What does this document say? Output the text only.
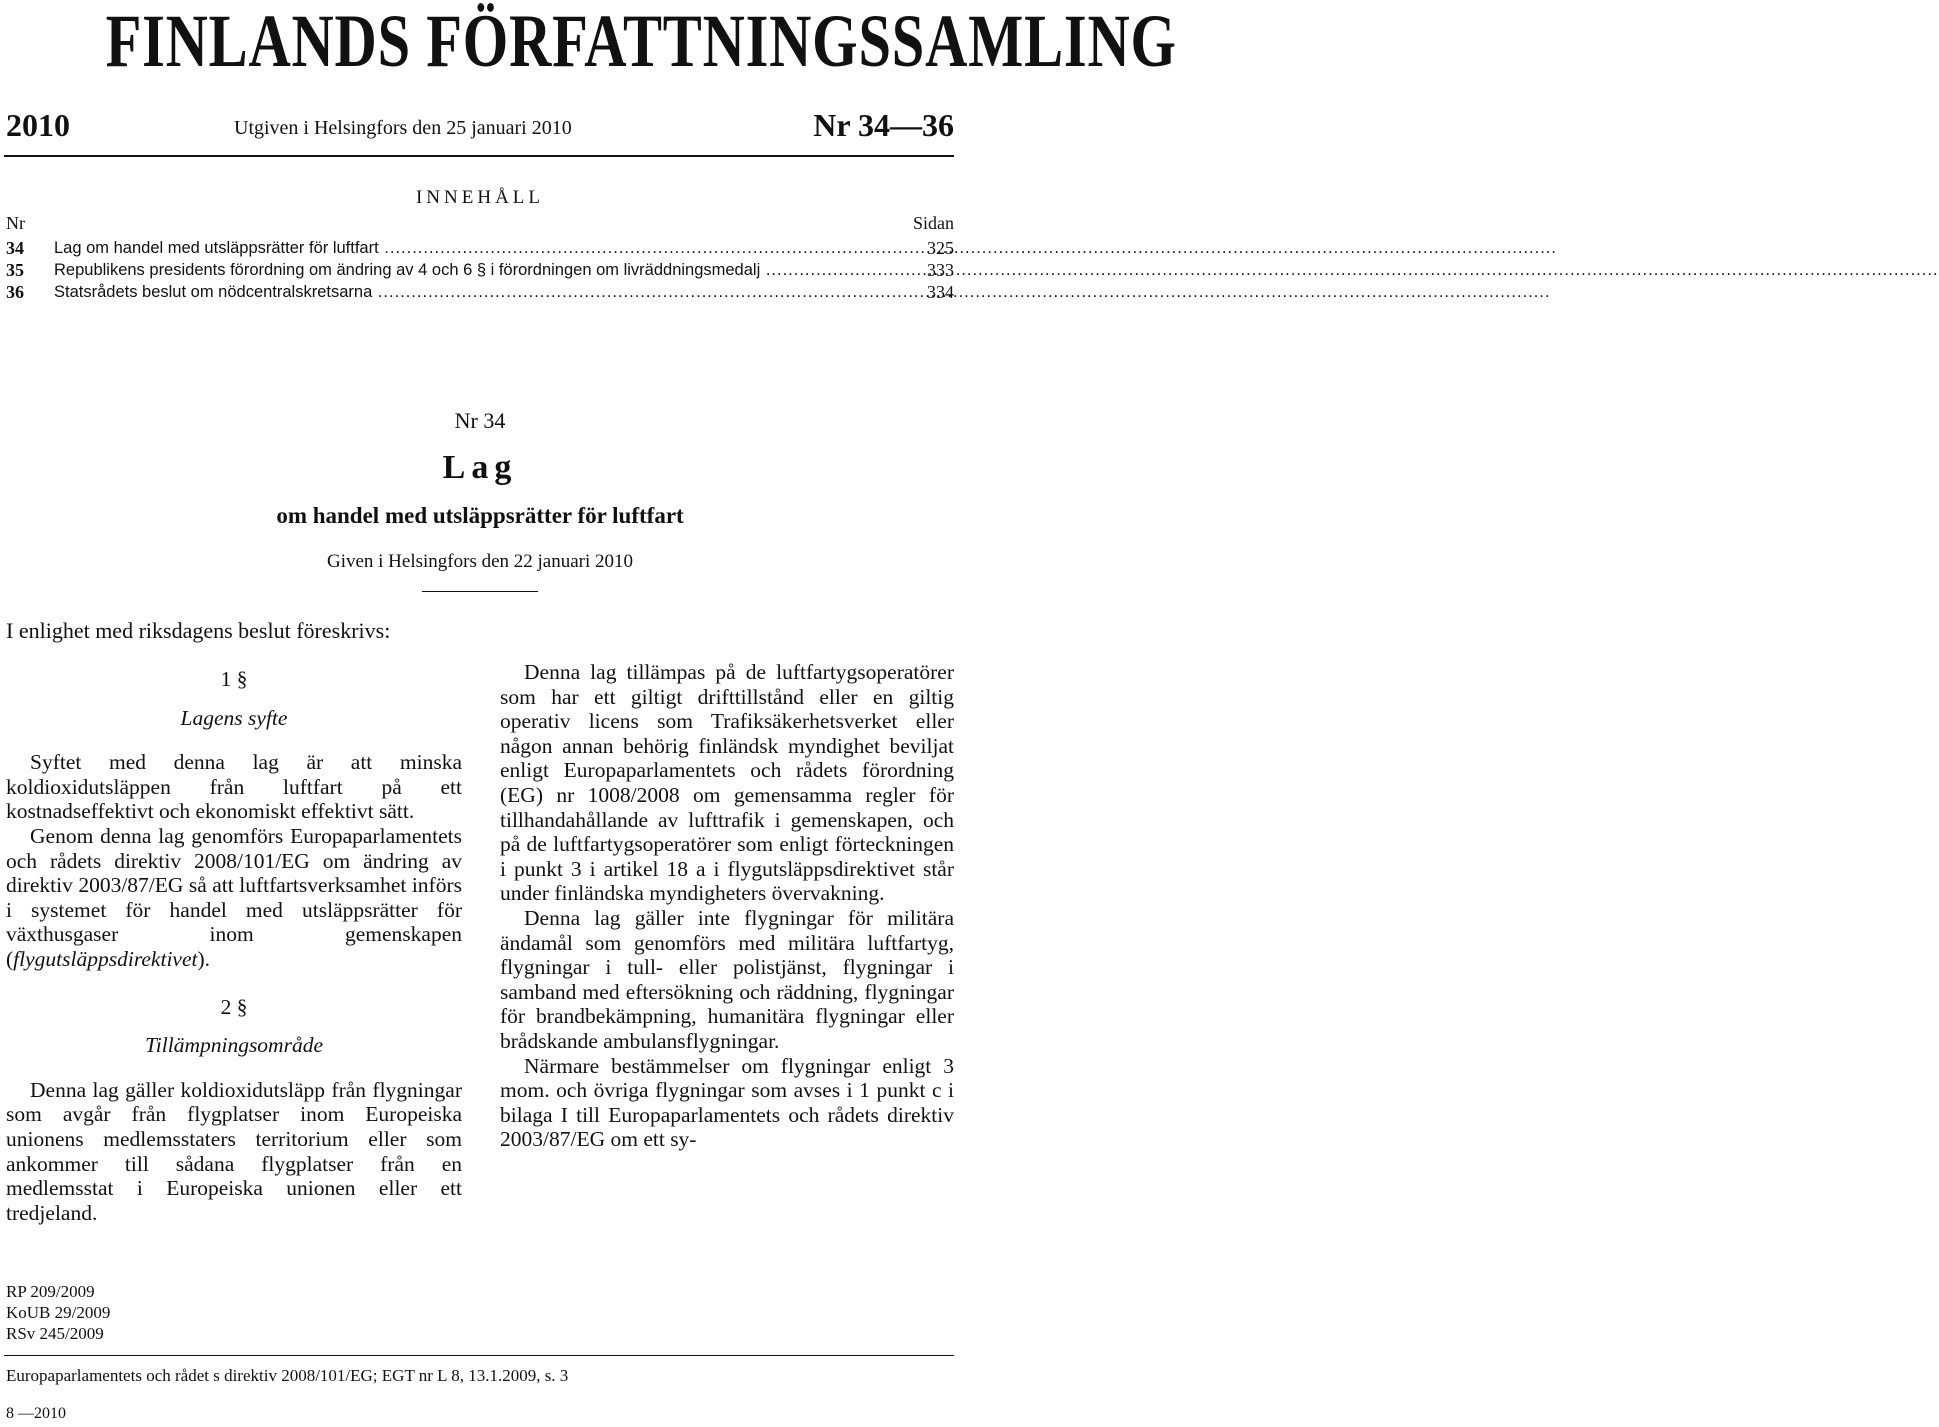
FINLANDS FÖRFATTNINGSSAMLING
2010	Utgiven i Helsingfors den 25 januari 2010	Nr 34—36
INNEHÅLL
Nr	Sidan
34 Lag om handel med utsläppsrätter för luftfart .....	325
35 Republikens presidents förordning om ändring av 4 och 6 § i förordningen om livräddningsmedalj .....	333
36 Statsrådets beslut om nödcentralskretsarna .....	334
Nr 34
Lag
om handel med utsläppsrätter för luftfart
Given i Helsingfors den 22 januari 2010
I enlighet med riksdagens beslut föreskrivs:

1 §

Lagens syfte

Syftet med denna lag är att minska koldioxidutsläppen från luftfart på ett kostnadseffektivt och ekonomiskt effektivt sätt.

Genom denna lag genomförs Europaparlamentets och rådets direktiv 2008/101/EG om ändring av direktiv 2003/87/EG så att luftfartsverksamhet införs i systemet för handel med utsläppsrätter för växthusgaser inom gemenskapen (flygutsläppsdirektivet).

2 §

Tillämpningsområde

Denna lag gäller koldioxidutsläpp från flygningar som avgår från flygplatser inom Europeiska unionens medlemsstaters territorium eller som ankommer till sådana flygplatser från en medlemsstat i Europeiska unionen eller ett tredjeland.

Denna lag tillämpas på de luftfartygsoperatörer som har ett giltigt drifttillstånd eller en giltig operativ licens som Trafiksäkerhetsverket eller någon annan behörig finländsk myndighet beviljat enligt Europaparlamentets och rådets förordning (EG) nr 1008/2008 om gemensamma regler för tillhandahållande av lufttrafik i gemenskapen, och på de luftfartygsoperatörer som enligt förteckningen i punkt 3 i artikel 18 a i flygutsläppsdirektivet står under finländska myndigheters övervakning.

Denna lag gäller inte flygningar för militära ändamål som genomförs med militära luftfartyg, flygningar i tull- eller polistjänst, flygningar i samband med eftersökning och räddning, flygningar för brandbekämpning, humanitära flygningar eller brådskande ambulansflygningar.

Närmare bestämmelser om flygningar enligt 3 mom. och övriga flygningar som avses i 1 punkt c i bilaga I till Europaparlamentets och rådets direktiv 2003/87/EG om ett sy-

RP 209/2009
KoUB 29/2009
RSv 245/2009
Europaparlamentets och rådet s direktiv 2008/101/EG; EGT nr L 8, 13.1.2009, s. 3
8 —2010
